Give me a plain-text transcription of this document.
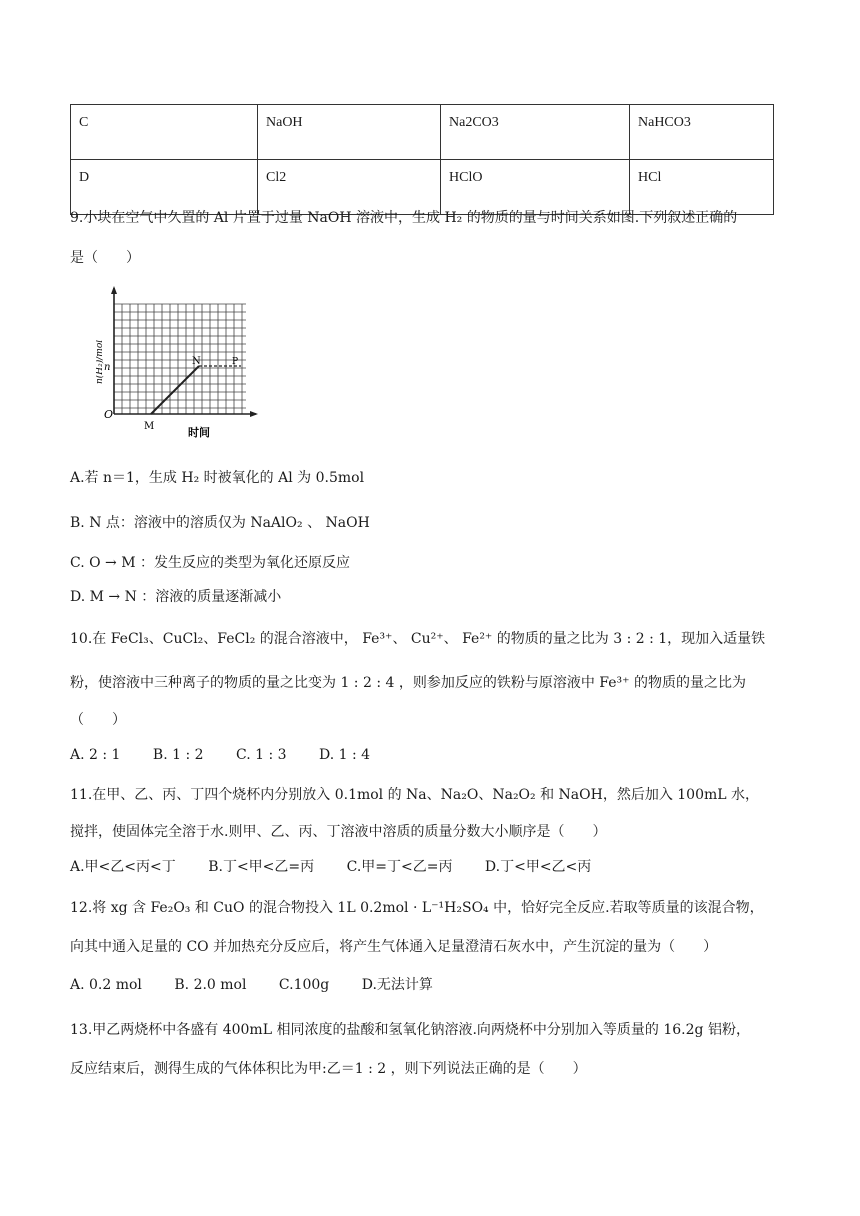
C	NaOH	Na2CO3	NaHCO3
D	Cl2	HClO	HCl
9.小块在空气中久置的 Al 片置于过量 NaOH 溶液中，生成 H₂ 的物质的量与时间关系如图.下列叙述正确的
是（　　）
O
n
M
N	P
时间
n(H₂)/mol
A.若 n＝1，生成 H₂ 时被氧化的 Al 为 0.5mol
B. N 点：溶液中的溶质仅为 NaAlO₂ 、 NaOH
C. O → M ：发生反应的类型为氧化还原反应
D. M → N ：溶液的质量逐渐减小
10.在 FeCl₃、CuCl₂、FeCl₂ 的混合溶液中， Fe³⁺、 Cu²⁺、 Fe²⁺ 的物质的量之比为 3 : 2 : 1，现加入适量铁
粉，使溶液中三种离子的物质的量之比变为 1 : 2 : 4 ，则参加反应的铁粉与原溶液中 Fe³⁺ 的物质的量之比为
（　　）
A. 2 : 1 B. 1 : 2 C. 1 : 3 D. 1 : 4
11.在甲、乙、丙、丁四个烧杯内分别放入 0.1mol 的 Na、Na₂O、Na₂O₂ 和 NaOH，然后加入 100mL 水，
搅拌，使固体完全溶于水.则甲、乙、丙、丁溶液中溶质的质量分数大小顺序是（　　）
A.甲<乙<丙<丁 B.丁<甲<乙=丙 C.甲=丁<乙=丙 D.丁<甲<乙<丙
12.将 xg 含 Fe₂O₃ 和 CuO 的混合物投入 1L 0.2mol · L⁻¹H₂SO₄ 中，恰好完全反应.若取等质量的该混合物，
向其中通入足量的 CO 并加热充分反应后，将产生气体通入足量澄清石灰水中，产生沉淀的量为（　　）
A. 0.2 mol B. 2.0 mol C.100g D.无法计算
13.甲乙两烧杯中各盛有 400mL 相同浓度的盐酸和氢氧化钠溶液.向两烧杯中分别加入等质量的 16.2g 铝粉，
反应结束后，测得生成的气体体积比为甲:乙＝1 : 2 ，则下列说法正确的是（　　）
